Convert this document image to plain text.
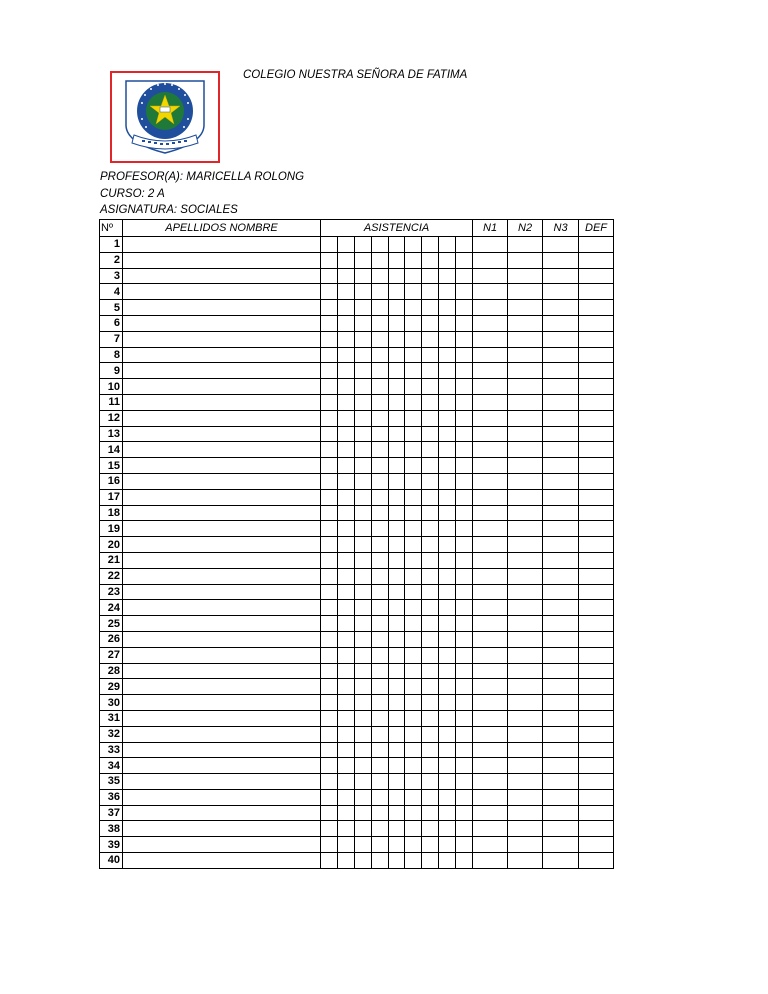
COLEGIO NUESTRA SEÑORA DE FATIMA
PROFESOR(A): MARICELLA ROLONG
CURSO: 2 A
ASIGNATURA: SOCIALES
Nº	APELLIDOS NOMBRE	ASISTENCIA									N1	N2	N3	DEF
1														
2														
3														
4														
5														
6														
7														
8														
9														
10														
11														
12														
13														
14														
15														
16														
17														
18														
19														
20														
21														
22														
23														
24														
25														
26														
27														
28														
29														
30														
31														
32														
33														
34														
35														
36														
37														
38														
39														
40														
